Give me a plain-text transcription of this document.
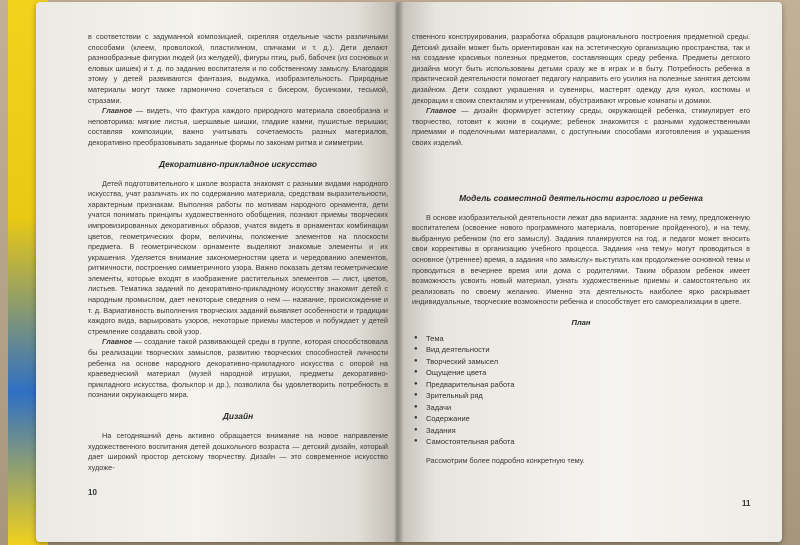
в соответствии с задуманной композицией, скрепляя отдельные части различными способами (клеем, проволокой, пластилином, спичками и т. д.). Дети делают разнообразные фигурки людей (из желудей), фигуры птиц, рыб, бабочек (из сосновых и еловых шишек) и т. д. по заданию воспитателя и по собственному замыслу. Благодаря этому у детей развиваются фантазия, выдумка, изобразительность. Природные материалы могут также гармонично сочетаться с бисером, бусинками, тесьмой, стразами.

Главное — видеть, что фактура каждого природного материала своеобразна и неповторима: мягкие листья, шершавые шишки, гладкие камни, пушистые перышки; составляя композиции, важно учитывать сочетаемость разных материалов, декоративно преобразовывать заданные формы по законам ритма и симметрии.

Декоративно-прикладное искусство

Детей подготовительного к школе возраста знакомят с разными видами народного искусства, учат различать их по содержанию материала, средствам выразительности, характерным признакам. Выполняя работы по мотивам народного орнамента, дети учатся понимать принципы художественного обобщения, познают приемы творческих импровизированных декоративных образов, учатся видеть в орнаментах комбинации цветов, геометрических форм, величины, положение элементов на плоскости предмета. В геометрическом орнаменте выделяют знакомые элементы и их украшения. Уделяется внимание закономерностям цвета и чередованию элементов, ритмичности, построению симметричного узора. Важно показать детям геометрические элементы, которые входят в изображение растительных элементов — лист, цветов, листьев. Тематика заданий по декоративно-прикладному искусству знакомит детей с народным промыслом, дает некоторые сведения о нем — название, происхождение и т. д. Вариативность выполнения творческих заданий выявляет особенности и традиции каждого вида, варьировать узоров, некоторые приемы мастеров и побуждает у детей стремление создавать свой узор.

Главное — создание такой развивающей среды в группе, которая способствовала бы реализации творческих замыслов, развитию творческих способностей личности ребенка на основе народного декоративно-прикладного искусства с опорой на краеведческий материал (музей народной игрушки, предметы декоративно-прикладного искусства, фольклор и др.), позволила бы удовлетворить потребность в познании окружающего мира.

Дизайн

На сегодняшний день активно обращается внимание на новое направление художественного воспитания детей дошкольного возраста — детский дизайн, который дает широкий простор детскому творчеству. Дизайн — это современное искусство художе-

10

ственного конструирования, разработка образцов рационального построения предметной среды. Детский дизайн может быть ориентирован как на эстетическую организацию пространства, так и на создание красивых полезных предметов, составляющих среду ребенка. Предметы детского дизайна могут быть использованы детьми сразу же в играх и в быту. Потребность ребенка в практической деятельности помогает педагогу направить его усилия на полезные занятия детским дизайном. Дети создают украшения и сувениры, мастерят одежду для кукол, костюмы и декорации к своим спектаклям и утренникам, обустраивают игровые комнаты и домики.

Главное — дизайн формирует эстетику среды, окружающей ребенка, стимулирует его творчество, готовит к жизни в социуме; ребенок знакомится с разными художественными приемами и поделочными материалами, с доступными способами изготовления и украшения своих изделий.

Модель совместной деятельности взрослого и ребенка

В основе изобразительной деятельности лежат два варианта: задание на тему, предложенную воспитателем (освоение нового программного материала, повторение пройденного), и на тему, выбранную ребенком (по его замыслу). Задания планируются на год, и педагог может вносить свои коррективы в организацию учебного процесса. Задания «на тему» могут проводиться в основное (утреннее) время, а задания «по замыслу» выступать как продолжение основной темы и проводиться в вечернее время или дома с родителями. Таким образом ребенок имеет возможность усвоить новый материал, узнать художественные приемы и самостоятельно их реализовать по своему желанию. Именно эта деятельность наиболее ярко раскрывает индивидуальные, творческие возможности ребенка и способствует его самореализации в цвете.

План
● Тема
● Вид деятельности
● Творческий замысел
● Ощущение цвета
● Предварительная работа
● Зрительный ряд
● Задачи
● Содержание
● Задания
● Самостоятельная работа

Рассмотрим более подробно конкретную тему.

11
